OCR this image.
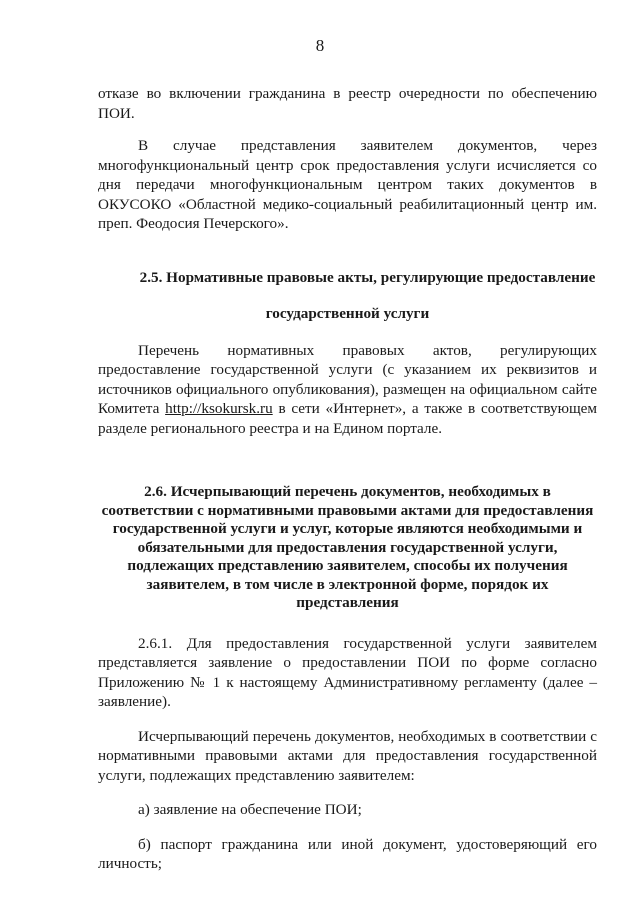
8

отказе во включении гражданина в реестр очередности по обеспечению ПОИ.

В случае представления заявителем документов, через многофункциональный центр срок предоставления услуги исчисляется со дня передачи многофункциональным центром таких документов в ОКУСОКО «Областной медико-социальный реабилитационный центр им. преп. Феодосия Печерского».

2.5. Нормативные правовые акты, регулирующие предоставление

государственной услуги

Перечень нормативных правовых актов, регулирующих предоставление государственной услуги (с указанием их реквизитов и источников официального опубликования), размещен на официальном сайте Комитета http://ksokursk.ru в сети «Интернет», а также в соответствующем разделе регионального реестра и на Едином портале.

2.6. Исчерпывающий перечень документов, необходимых в соответствии с нормативными правовыми актами для предоставления государственной услуги и услуг, которые являются необходимыми и обязательными для предоставления государственной услуги, подлежащих представлению заявителем, способы их получения заявителем, в том числе в электронной форме, порядок их представления

2.6.1. Для предоставления государственной услуги заявителем представляется заявление о предоставлении ПОИ по форме согласно Приложению № 1 к настоящему Административному регламенту (далее – заявление).

Исчерпывающий перечень документов, необходимых в соответствии с нормативными правовыми актами для предоставления государственной услуги, подлежащих представлению заявителем:

а) заявление на обеспечение ПОИ;

б) паспорт гражданина или иной документ, удостоверяющий его личность;
